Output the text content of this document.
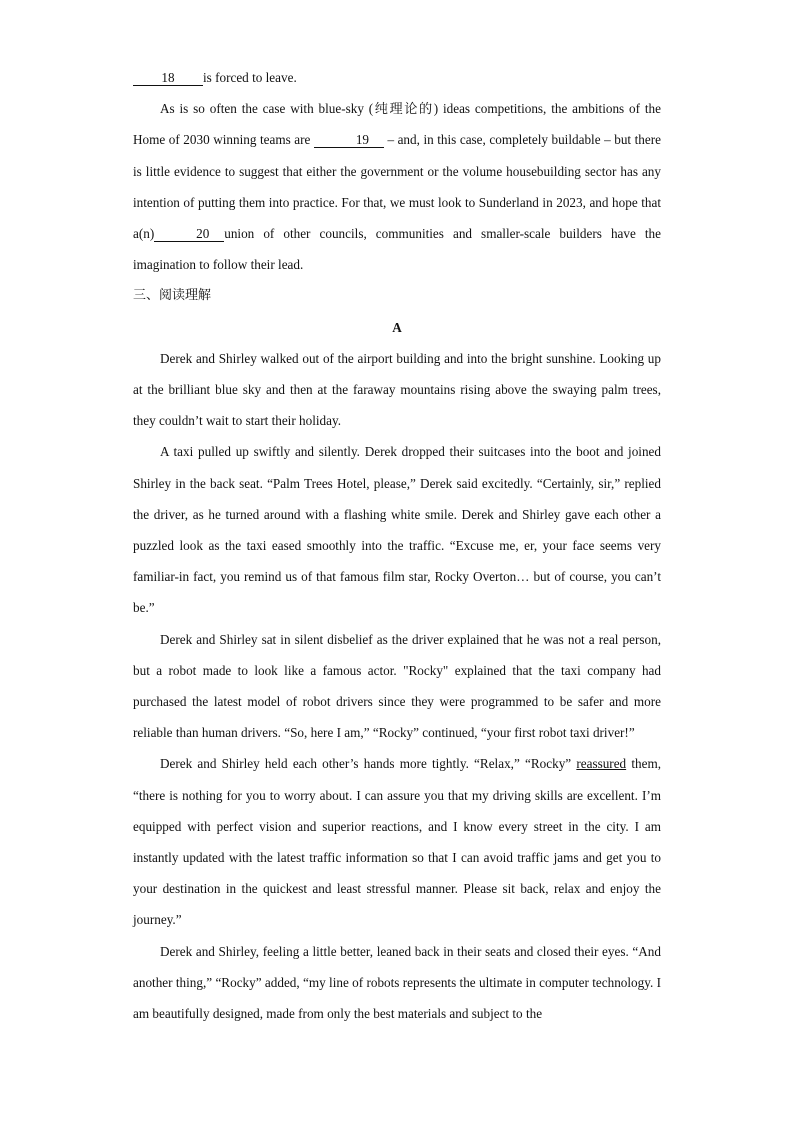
18 is forced to leave.

As is so often the case with blue-sky (纯理论的) ideas competitions, the ambitions of the Home of 2030 winning teams are	19 – and, in this case, completely buildable – but there is little evidence to suggest that either the government or the volume housebuilding sector has any intention of putting them into practice. For that, we must look to Sunderland in 2023, and hope that a(n)	20 union of other councils, communities and smaller-scale builders have the imagination to follow their lead.

三、阅读理解

A

Derek and Shirley walked out of the airport building and into the bright sunshine. Looking up at the brilliant blue sky and then at the faraway mountains rising above the swaying palm trees, they couldn’t wait to start their holiday.

A taxi pulled up swiftly and silently. Derek dropped their suitcases into the boot and joined Shirley in the back seat. “Palm Trees Hotel, please,” Derek said excitedly. “Certainly, sir,” replied the driver, as he turned around with a flashing white smile. Derek and Shirley gave each other a puzzled look as the taxi eased smoothly into the traffic. “Excuse me, er, your face seems very familiar-in fact, you remind us of that famous film star, Rocky Overton… but of course, you can’t be.”

Derek and Shirley sat in silent disbelief as the driver explained that he was not a real person, but a robot made to look like a famous actor. "Rocky" explained that the taxi company had purchased the latest model of robot drivers since they were programmed to be safer and more reliable than human drivers. “So, here I am,” “Rocky” continued, “your first robot taxi driver!”

Derek and Shirley held each other’s hands more tightly. “Relax,” “Rocky” reassured them, “there is nothing for you to worry about. I can assure you that my driving skills are excellent. I’m equipped with perfect vision and superior reactions, and I know every street in the city. I am instantly updated with the latest traffic information so that I can avoid traffic jams and get you to your destination in the quickest and least stressful manner. Please sit back, relax and enjoy the journey.”

Derek and Shirley, feeling a little better, leaned back in their seats and closed their eyes. “And another thing,” “Rocky” added, “my line of robots represents the ultimate in computer technology. I am beautifully designed, made from only the best materials and subject to the
